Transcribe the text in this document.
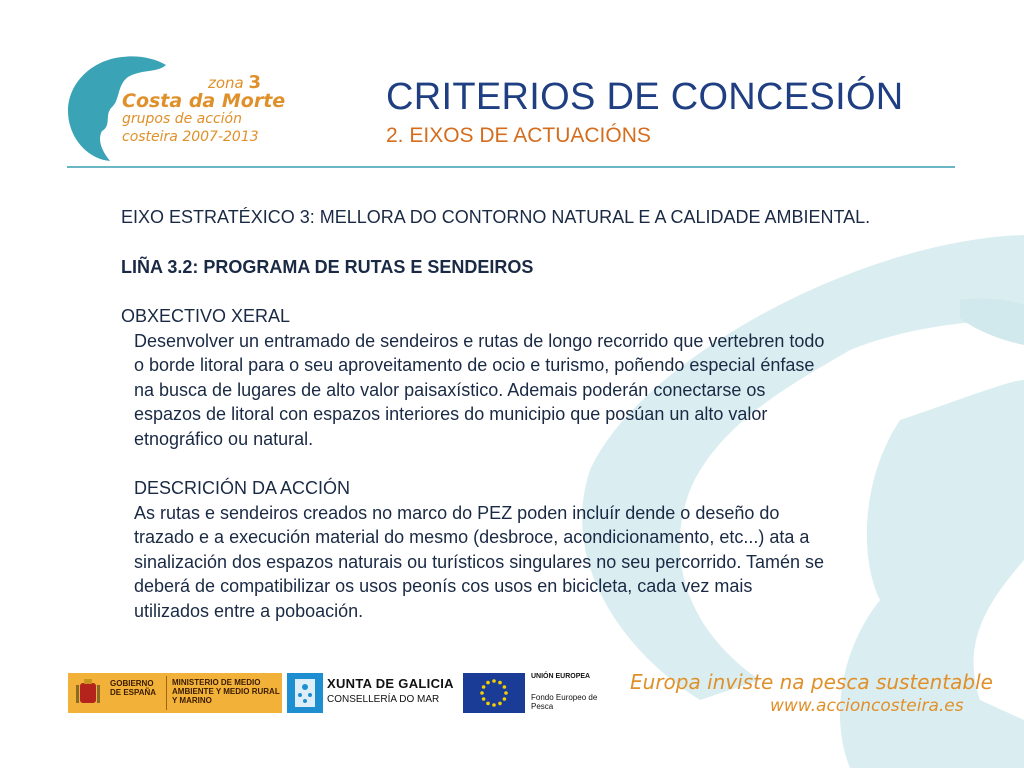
zona 3
Costa da Morte
grupos de acción
costeira 2007-2013
CRITERIOS DE CONCESIÓN
2. EIXOS DE ACTUACIÓNS

EIXO ESTRATÉXICO 3: MELLORA DO CONTORNO NATURAL E A CALIDADE AMBIENTAL.

LIÑA 3.2: PROGRAMA DE RUTAS E SENDEIROS

OBXECTIVO XERAL

Desenvolver un entramado de sendeiros e rutas de longo recorrido que vertebren todo

o borde litoral para o seu aproveitamento de ocio e turismo, poñendo especial énfase

na busca de lugares de alto valor paisaxístico. Ademais poderán conectarse os

espazos de litoral con espazos interiores do municipio que posúan un alto valor

etnográfico ou natural.

DESCRICIÓN DA ACCIÓN

As rutas e sendeiros creados no marco do PEZ poden incluír dende o deseño do

trazado e a execución material do mesmo (desbroce, acondicionamento, etc...) ata a

sinalización dos espazos naturais ou turísticos singulares no seu percorrido. Tamén se

deberá de compatibilizar os usos peonís cos usos en bicicleta, cada vez mais

utilizados entre a poboación.

GOBIERNO DE ESPAÑA
MINISTERIO DE MEDIO AMBIENTE Y MEDIO RURAL Y MARINO
XUNTA DE GALICIA
CONSELLERÍA DO MAR
UNIÓN EUROPEA
Fondo Europeo de Pesca
Europa inviste na pesca sustentable
www.accioncosteira.es
